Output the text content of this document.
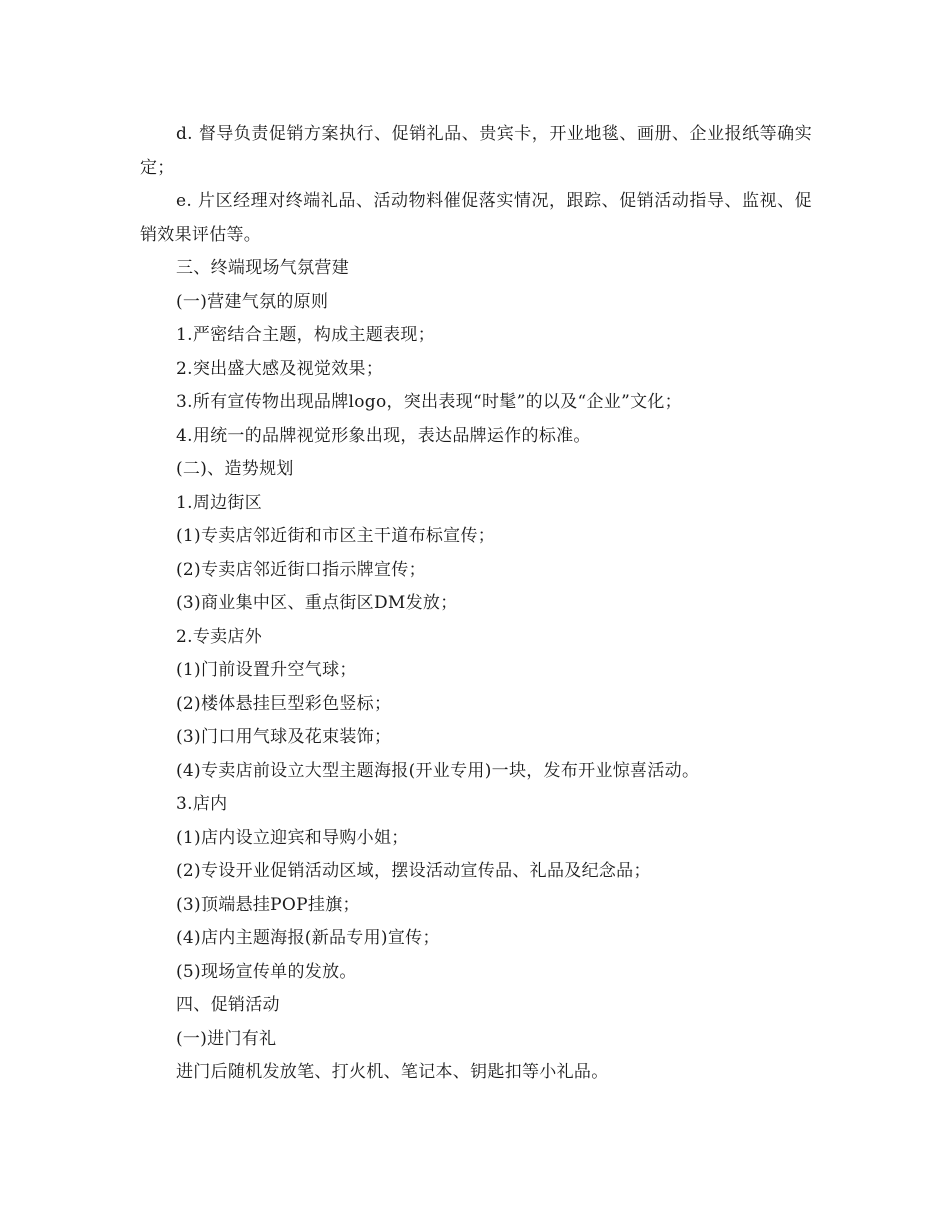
d. 督导负责促销方案执行、促销礼品、贵宾卡，开业地毯、画册、企业报纸等确实定；

e. 片区经理对终端礼品、活动物料催促落实情况，跟踪、促销活动指导、监视、促销效果评估等。

三、终端现场气氛营建

(一)营建气氛的原则

1.严密结合主题，构成主题表现；

2.突出盛大感及视觉效果；

3.所有宣传物出现品牌logo，突出表现“时髦”的以及“企业”文化；

4.用统一的品牌视觉形象出现，表达品牌运作的标准。

(二)、造势规划

1.周边街区

(1)专卖店邻近街和市区主干道布标宣传；

(2)专卖店邻近街口指示牌宣传；

(3)商业集中区、重点街区DM发放；

2.专卖店外

(1)门前设置升空气球；

(2)楼体悬挂巨型彩色竖标；

(3)门口用气球及花束装饰；

(4)专卖店前设立大型主题海报(开业专用)一块，发布开业惊喜活动。

3.店内

(1)店内设立迎宾和导购小姐；

(2)专设开业促销活动区域，摆设活动宣传品、礼品及纪念品；

(3)顶端悬挂POP挂旗；

(4)店内主题海报(新品专用)宣传；

(5)现场宣传单的发放。

四、促销活动

(一)进门有礼

进门后随机发放笔、打火机、笔记本、钥匙扣等小礼品。
